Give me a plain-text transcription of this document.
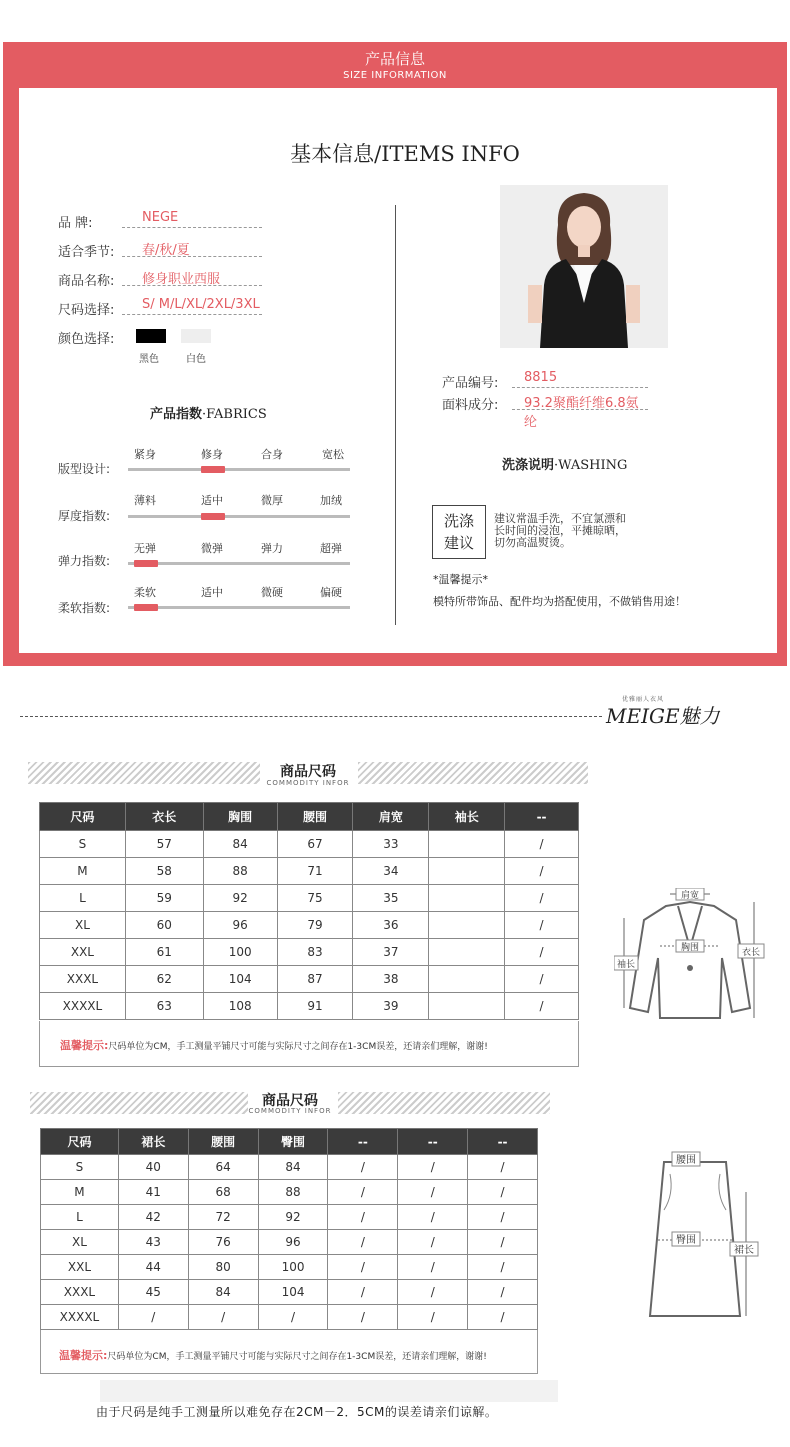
产品信息
SIZE INFORMATION
基本信息/ITEMS INFO
品 牌:	NEGE
适合季节:	春/秋/夏
商品名称:	修身职业西服
尺码选择:	S/ M/L/XL/2XL/3XL
颜色选择:
黑色	白色
产品指数·FABRICS
紧身	修身	合身	宽松
版型设计:
薄料	适中	微厚	加绒
厚度指数:
无弹	微弹	弹力	超弹
弹力指数:
柔软	适中	微硬	偏硬
柔软指数:
产品编号:	8815
面料成分:	93.2聚酯纤维6.8氨纶
洗涤说明·WASHING
洗涤
建议
建议常温手洗，不宜氯漂和
长时间的浸泡，平摊晾晒，
切勿高温熨烫。
*温馨提示*
模特所带饰品、配件均为搭配使用，不做销售用途！
优雅丽人衣风
MEIGE魅力
商品尺码
COMMODITY INFOR
尺码	衣长	胸围	腰围	肩宽	袖长	--
S	57	84	67	33		/
M	58	88	71	34		/
L	59	92	75	35		/
XL	60	96	79	36		/
XXL	61	100	83	37		/
XXXL	62	104	87	38		/
XXXXL	63	108	91	39		/
温馨提示:尺码单位为CM，手工测量平铺尺寸可能与实际尺寸之间存在1-3CM误差，还请亲们理解，谢谢!
肩宽
胸围
袖长
衣长
商品尺码
COMMODITY INFOR
尺码	裙长	腰围	臀围	--	--	--
S	40	64	84	/	/	/
M	41	68	88	/	/	/
L	42	72	92	/	/	/
XL	43	76	96	/	/	/
XXL	44	80	100	/	/	/
XXXL	45	84	104	/	/	/
XXXXL	/	/	/	/	/	/
温馨提示:尺码单位为CM，手工测量平铺尺寸可能与实际尺寸之间存在1-3CM误差，还请亲们理解，谢谢!
腰围
臀围
裙长
由于尺码是纯手工测量所以难免存在2CM－2．5CM的误差请亲们谅解。
